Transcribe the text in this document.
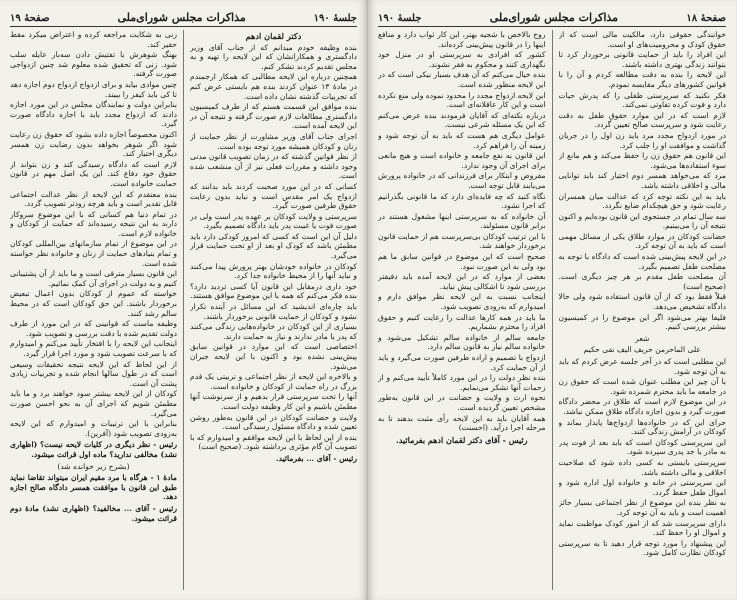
جلسهٔ ۱۹۰
مذاکرات مجلس شورای‌ملی
صفحهٔ ۱۹
دکتر لقمان ادهم
بنده وظیفه خودم میدانم که از جناب آقای وزیر دادگستری و همکارانشان که این لایحه را تهیه و به مجلس تقدیم کردند تشکر کنم.
همچنین درباره این لایحه مطالبی که همکار ارجمندم در مادهٔ ۱۳ عنوان کردند بنده هم بایستی عرض کنم که تجربیات گذشته نشان داده است.
بنده موافق این قسمت هستم که از طرف کمیسیون دادگستری مطالعات لازم صورت گرفته و نتیجه آن در این لایحه آمده است.
اجرای جناب آقای وزیر مشاورت از نظر حمایت از زنان و کودکان همیشه مورد توجه بوده است.
از نظر قوانین گذشته که در زمان تصویب قانون مدنی وجود داشته و مقررات فعلی نیز از آن منشعب شده است.
کسانی که در این مورد صحبت کردند باید بدانند که ازدواج یک امر مقدس است و نباید بدون رعایت حقوق طرفین صورت گیرد.
سرپرستی و ولایت کودکان بر عهده پدر است ولی در صورت فوت یا غیبت پدر باید دادگاه تصمیم بگیرد.
دلیل آن این است که کسی که امروز کودکی دارد باید مطمئن باشد که کودک او بعد از او تحت حمایت قرار می‌گیرد.
کودکان در خانواده خودشان بهتر پرورش پیدا می‌کنند و نباید آنها را از محیط خانواده جدا کرد.
خود داری درمقابل این قانون آیا کسی تردید دارد؟ بنده فکر می‌کنم که همه با این موضوع موافق هستند.
باید چاره‌ای اندیشید که این مسائل در آینده تکرار نشود و کودکان از حمایت قانونی برخوردار باشند.
بسیاری از این کودکان در خانواده‌هایی زندگی می‌کنند که پدر یا مادر ندارند و نیاز به حمایت دارند.
اختصاصی است که این موارد در قوانین سابق پیش‌بینی نشده بود و اکنون با این لایحه جبران می‌شود.
و بالاخره این لایحه از نظر اجتماعی و تربیتی یک قدم بزرگ در راه حمایت از کودکان و خانواده است.
آنها را تحت سرپرستی قرار بدهیم و از سرنوشت آنها مطمئن باشیم و این کار وظیفه دولت است.
ولایت و حضانت کودکان در این قانون به‌طور روشن تعیین شده و دادگاه مسئول رسیدگی است.
بنده از این لحاظ با این لایحه موافقم و امیدوارم که با تصویب آن گام مؤثری برداشته شود. (صحیح است)
رئیس - آقای ... بفرمائید.
زنی به شکایت مراجعه کرده و اعتراض میکرد مقط حقیر کند.
بهنگ شوهرش با تفتیش دادن سه‌بار عایله سلب شود. زنی که تحقیق شده معلوم شد چنین ازدواجی صورت گرفته.
چنین موادی بیاید و برای ازدواج ازدواج دوم اجازه دهد تا کی باید کیفر را ببیند.
بنابراین دولت و نمایندگان مجلس در این مورد اجازه دادند که ازدواج مجدد باید با اجازه دادگاه صورت گیرد.
اکنون مخصوصاً اجازه داده بشود که حقوق زن رعایت شود اگر شوهر بخواهد بدون رضایت زن همسر دیگری اختیار کند.
لازم است که دادگاه رسیدگی کند و زن بتواند از حقوق خود دفاع کند. این یک اصل مهم در قانون حمایت خانواده است.
بنده معتقدم که این لایحه از نظر عدالت اجتماعی قابل تقدیر است و باید هرچه زودتر تصویب گردد.
در تمام دنیا هم کسانی که با این موضوع سروکار دارند به این نتیجه رسیده‌اند که حمایت از کودکان و خانواده لازم است.
در این موضوع از تمام سازمانهای بین‌المللی کودکان و تمام بنیادهای حمایت از زنان و خانواده نظر خواسته شده است.
این قانون بسیار مترقی است و ما باید از آن پشتیبانی کنیم و به دولت در اجرای آن کمک نمائیم.
خواسته که عموم از کودکان بدون اعمال تبعیض برخوردار باشند. این حق کودکان است که در محیط سالم رشد کنند.
وظیفه ماست که قوانینی که در این مورد از طرف دولت تقدیم شده با دقت بررسی و تصویب شود.
اینجانب این لایحه را با افتخار تأیید می‌کنم و امیدوارم که با سرعت تصویب شود و مورد اجرا قرار گیرد.
از این لحاظ که این لایحه نتیجه تحقیقات وسیعی است که در طول سالها انجام شده و تجربیات زیادی پشت آن است.
کودکان از این لایحه بیشتر سود خواهند برد و ما باید مطمئن شویم که اجرای آن به نحو احسن صورت می‌گیرد.
بنابراین با این ترتیبات و امیدوارم که این لایحه به‌زودی تصویب شود (آفرین).
رئیس - نظر دیگری در کلیات لایحه نیست؟ (اظهاری نشد) مخالفی ندارید؟ ماده اول قرائت میشود.
(بشرح زیر خوانده شد)
مادهٔ ۱ - هرگاه با مرد مقیم ایران میتواند تقاضا نماید طبق این قانون با موافقت همسر دادگاه صالح اجازه دهد.
رئیس - آقای ... مخالفید؟ (اظهاری نشد) مادهٔ دوم قرائت میشود.
صفحهٔ ۱۸
مذاکرات مجلس شورای‌ملی
جلسهٔ ۱۹۰
خوانندگی حقوقی دارد، مالکیت مالی است که از حقوق کودک و محرومیت‌های او است.
این افراد را باید از حمایت قانونی برخوردار کرد تا بتوانند زندگی بهتری داشته باشند.
این لایحه را بنده به دقت مطالعه کردم و آن را با قوانین کشورهای دیگر مقایسه نمودم.
فکر نکنید که سرپرستی طفلی را که پدرش حیات دارد و فوت کرده تفاوتی نمی‌کند.
لازم است که در این موارد حقوق طفل به دقت رعایت شود و سرپرست صالح تعیین گردد.
در مورد ازدواج مجدد مرد باید زن اول را در جریان گذاشت و موافقت او را جلب کرد.
این قانون هم حقوق زن را حفظ می‌کند و هم مانع از سوء استفاده‌ها می‌شود.
مرد که می‌خواهد همسر دوم اختیار کند باید توانایی مالی و اخلاقی داشته باشد.
باید به این نکته توجه کرد که عدالت میان همسران رعایت شود و حق هیچکدام ضایع نگردد.
سه سال تمام در جستجوی این قانون بوده‌ایم و اکنون نتیجه آن را می‌بینیم.
حضانت کودکان در موارد طلاق یکی از مسائل مهمی است که باید به آن توجه کرد.
در این لایحه پیش‌بینی شده است که دادگاه با توجه به مصلحت طفل تصمیم بگیرد.
آن مصلحت طفل مقدم بر هر چیز دیگری است. (صحیح است)
قبلاً فقط بود که از آن قانون استفاده شود ولی حالا دادگاه تشخیص می‌دهد.
فلیفا بهتر می‌شود اگر این موضوع را در کمیسیون بیشتر بررسی کنیم.
شعر
علی الماحرمن حریف الیف نفی حکیم
این مطلبی است که در آخر جلسه عرض کردم که باید به آن توجه شود.
با آن چیز این مطلب عنوان شده است که حقوق زن در جامعه ما باید محترم شمرده شود.
در این موضوع لازم است که طلاق در محضر دادگاه صورت گیرد و بدون اجازه دادگاه طلاق ممکن نباشد.
جرای این که در خانواده‌ها ازدواج‌ها پایدار بماند و کودکان در آرامش زندگی کنند.
این سرپرستی کودکان است که باید بعد از فوت پدر به مادر یا جد پدری سپرده شود.
سرپرستی بایستی به کسی داده شود که صلاحیت اخلاقی و مالی داشته باشد.
این سرپرستی در خانه و خانواده اول اداره شود و اموال طفل حفظ گردد.
به نظر بنده این موضوع از نظر اجتماعی بسیار حائز اهمیت است و باید به آن توجه کرد.
دارای سرپرست شد که از امور کودک مواظبت نماید و اموال او را حفظ کند.
این پیشنهاد را مورد توجه قرار دهید تا به سرپرستی کودکان نظارت کامل شود.
روح بالاخص با شجیه بهتر، این کار ثواب دارد و منافع اینها را در قانون پیش‌بینی کرده‌اند.
کشور که افرادی به سرپرستی او در منزل خود نگهداری کنند و محکوم به فقر نشوند.
بنده خیال می‌کنم که آن هدف بسیار نیکی است که در این لایحه منظور شده است.
این لایحه ازدواج مجدد را محدود نموده ولی منع نکرده است و این کار عاقلانه‌ای است.
درباره نکته‌ای که آقایان فرمودند بنده عرض می‌کنم که این یک مسئله شرعی نیست.
عوامل دیگری هم هست که باید به آن توجه شود و زمینه آن را فراهم کرد.
این قانون به نفع جامعه و خانواده است و هیچ مانعی برای اجرای آن وجود ندارد.
مفروض و ابتکار برای فرزندانی که در خانواده پرورش می‌یابند قابل توجه است.
نگاه کنید که چه فایده‌ای دارد که ما قانونی بگذرانیم که اجرا نشود.
آن خانواده که به سرپرستی اینها مشغول هستند در برابر قانون مسئولند.
با این ترتیب کودکان بی‌سرپرست هم از حمایت قانون برخوردار خواهند شد.
صحیح است که این موضوع در قوانین سابق ما هم بود ولی به این صورت نبود.
بعضی از موارد که در این لایحه آمده باید دقیقتر بررسی شود تا اشکالی پیش نیاید.
اینجانب نسبت به این لایحه نظر موافق دارم و امیدوارم که به‌زودی تصویب شود.
ما باید در همه کارها عدالت را رعایت کنیم و حقوق افراد را محترم بشماریم.
جامعه سالم از خانواده سالم تشکیل می‌شود و خانواده سالم نیاز به قانون سالم دارد.
ازدواج با تصمیم و اراده طرفین صورت می‌گیرد و باید از آن حمایت کرد.
بنده نظر دولت را در این مورد کاملاً تأیید می‌کنم و از زحمات آنها تشکر می‌نمایم.
نحوه ارث و ولایت و حضانت در این قانون به‌طور مشخص تعیین گردیده است.
همه آقایان باید به این لایحه رأی مثبت بدهند تا به مرحله اجرا درآید. (احسنت)
رئیس - آقای دکتر لقمان ادهم بفرمائید.
